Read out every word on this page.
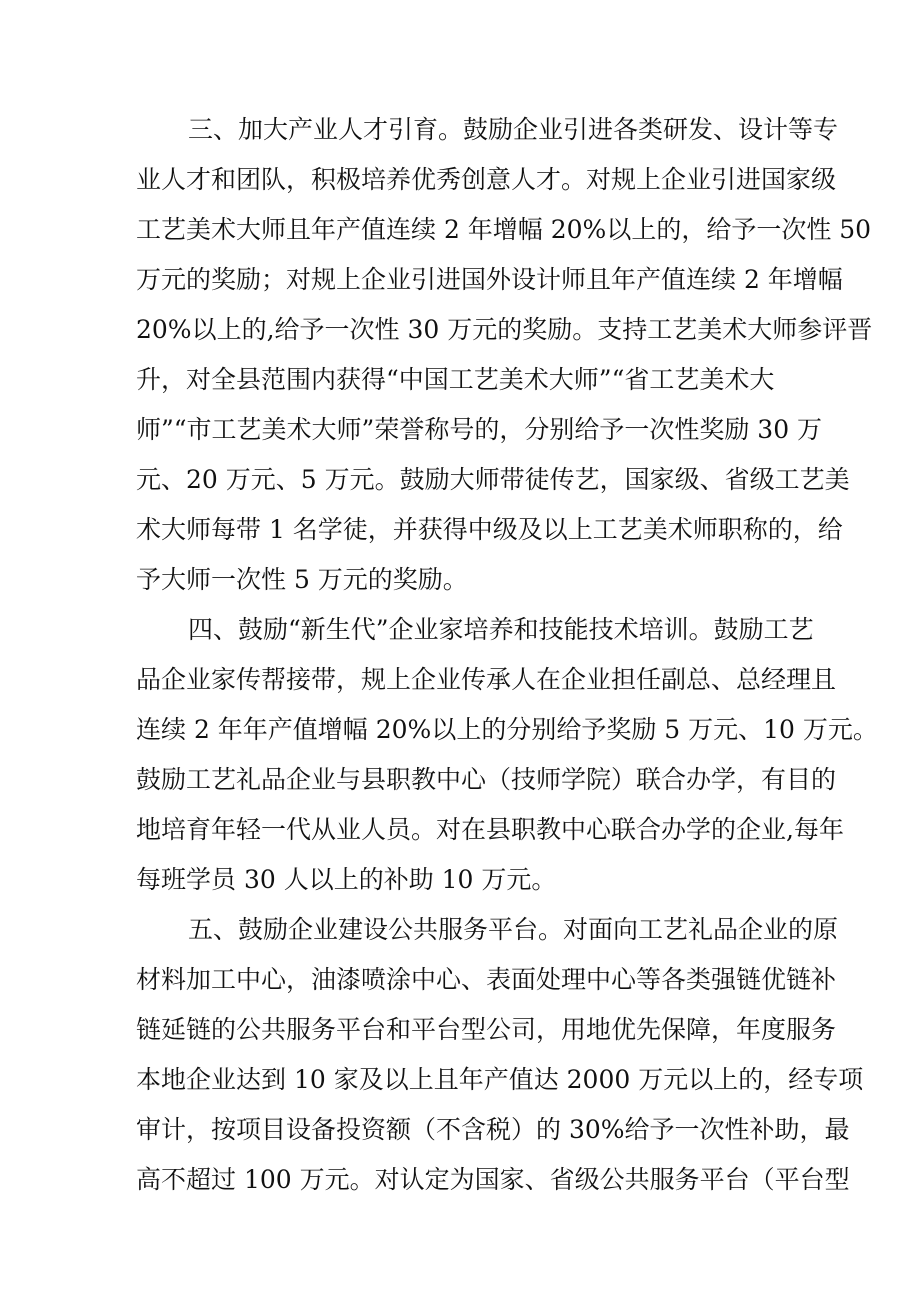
三、加大产业人才引育。鼓励企业引进各类研发、设计等专
业人才和团队，积极培养优秀创意人才。对规上企业引进国家级
工艺美术大师且年产值连续 2 年增幅 20%以上的，给予一次性 50
万元的奖励；对规上企业引进国外设计师且年产值连续 2 年增幅
20%以上的,给予一次性 30 万元的奖励。支持工艺美术大师参评晋
升，对全县范围内获得“中国工艺美术大师”“省工艺美术大
师”“市工艺美术大师”荣誉称号的，分别给予一次性奖励 30 万
元、20 万元、5 万元。鼓励大师带徒传艺，国家级、省级工艺美
术大师每带 1 名学徒，并获得中级及以上工艺美术师职称的，给
予大师一次性 5 万元的奖励。
四、鼓励“新生代”企业家培养和技能技术培训。鼓励工艺
品企业家传帮接带，规上企业传承人在企业担任副总、总经理且
连续 2 年年产值增幅 20%以上的分别给予奖励 5 万元、10 万元。
鼓励工艺礼品企业与县职教中心（技师学院）联合办学，有目的
地培育年轻一代从业人员。对在县职教中心联合办学的企业,每年
每班学员 30 人以上的补助 10 万元。
五、鼓励企业建设公共服务平台。对面向工艺礼品企业的原
材料加工中心，油漆喷涂中心、表面处理中心等各类强链优链补
链延链的公共服务平台和平台型公司，用地优先保障，年度服务
本地企业达到 10 家及以上且年产值达 2000 万元以上的，经专项
审计，按项目设备投资额（不含税）的 30%给予一次性补助，最
高不超过 100 万元。对认定为国家、省级公共服务平台（平台型
